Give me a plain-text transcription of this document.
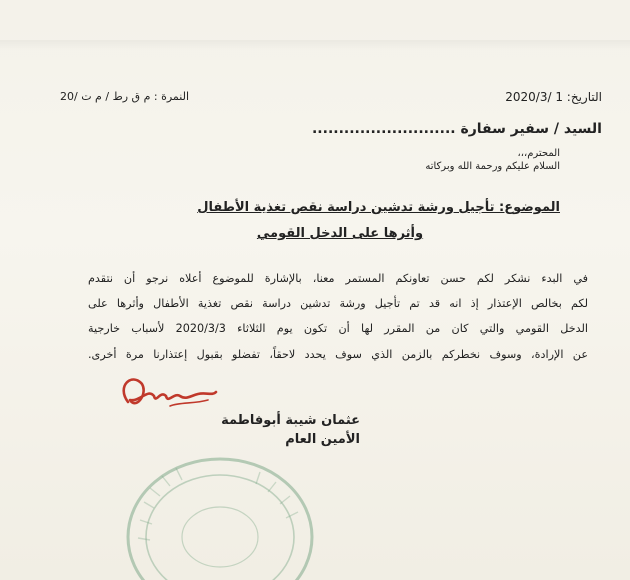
التاريخ: 1 /2020/3
النمرة : م ق رط / م ت /20
السيد / سفير سفارة ...........................
المحترم،،،
السلام عليكم ورحمة الله وبركاته
الموضوع: تأجيل ورشة تدشين دراسة نقص تغذية الأطفال
وأثرها على الدخل القومي
في البدء نشكر لكم حسن تعاونكم المستمر معنا، بالإشارة للموضوع أعلاه نرجو أن نتقدم
لكم بخالص الإعتذار إذ انه قد تم تأجيل ورشة تدشين دراسة نقص تغذية الأطفال وأثرها على
الدخل القومي والتي كان من المقرر لها أن تكون يوم الثلاثاء 2020/3/3 لأسباب خارجية
عن الإرادة، وسوف نخطركم بالزمن الذي سوف يحدد لاحقاً، تفضلو بقبول إعتذارنا مرة أخرى.
عثمان شيبة أبوفاطمة
الأمين العام
